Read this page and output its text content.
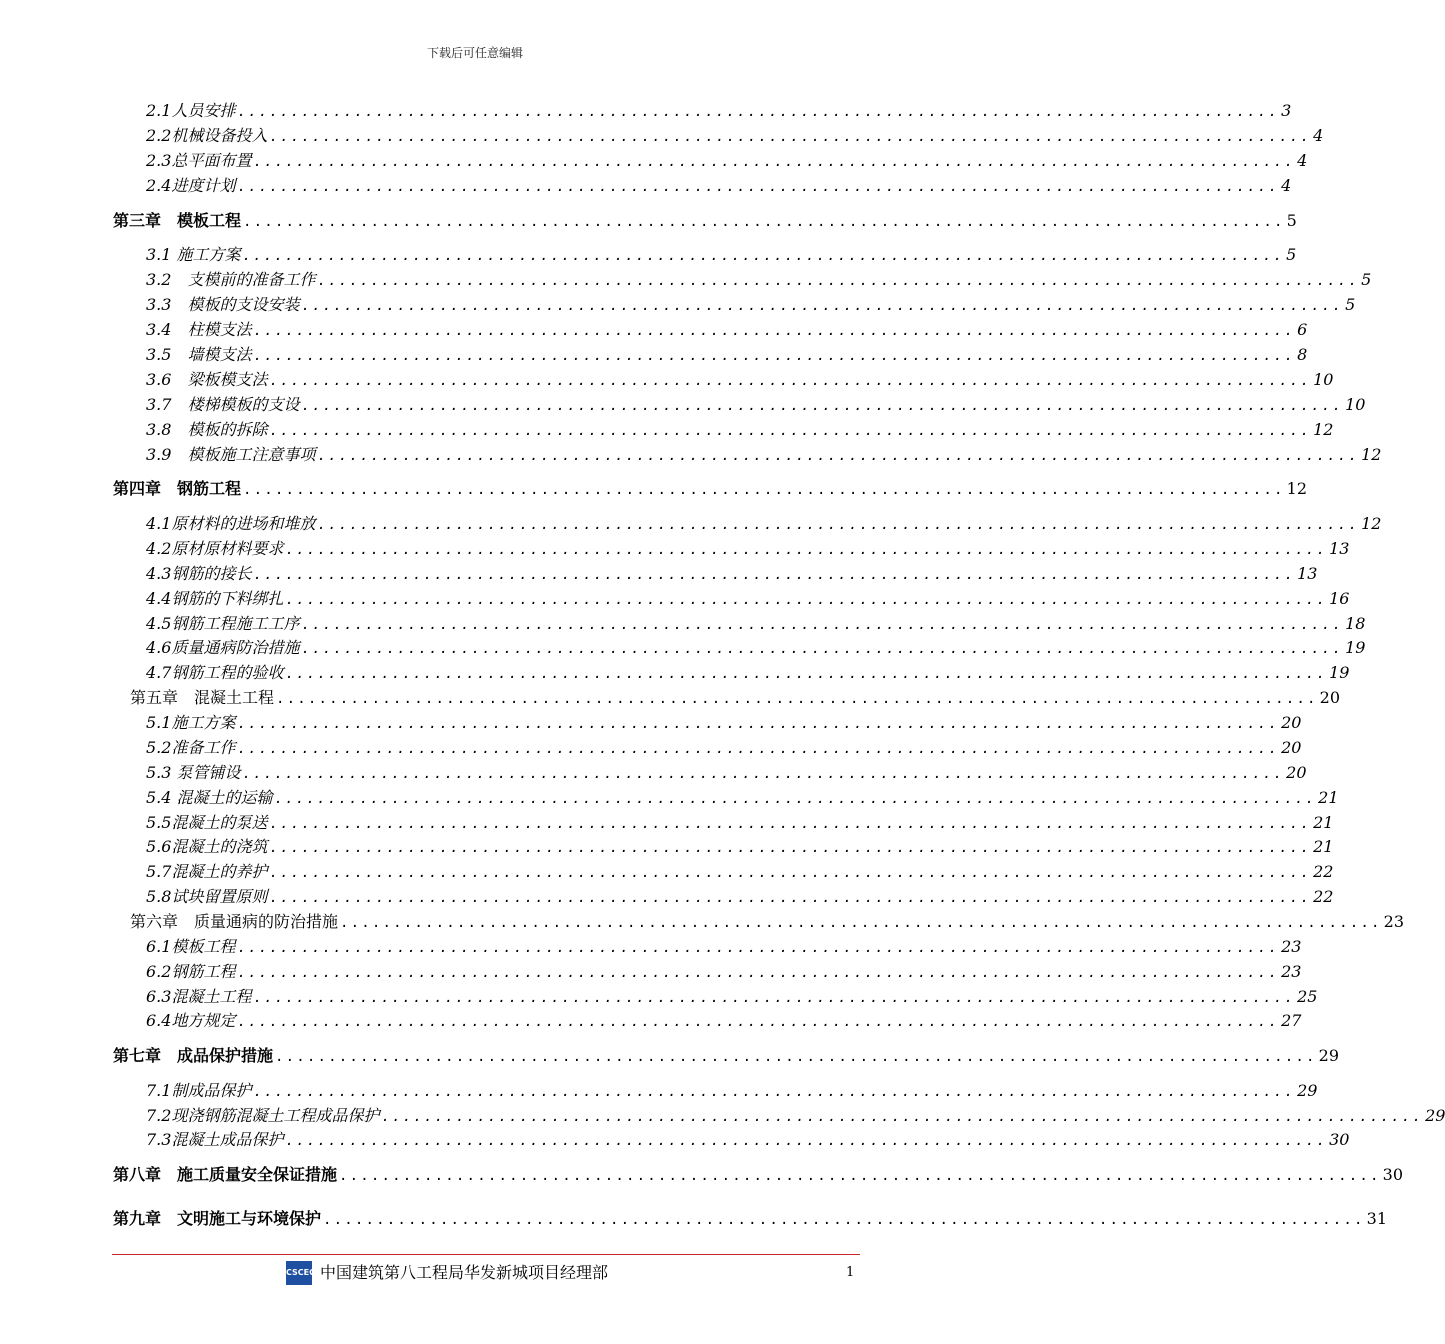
下载后可任意编辑
2.1人员安排 .................................................................................................. 3
2.2机械设备投入 .................................................................................................. 4
2.3总平面布置 .................................................................................................. 4
2.4进度计划 .................................................................................................. 4
第三章　模板工程 .................................................................................................. 5
3.1 施工方案 .................................................................................................. 5
3.2　支模前的准备工作 .................................................................................................. 5
3.3　模板的支设安装 .................................................................................................. 5
3.4　柱模支法 .................................................................................................. 6
3.5　墙模支法 .................................................................................................. 8
3.6　梁板模支法 .................................................................................................. 10
3.7　楼梯模板的支设 .................................................................................................. 10
3.8　模板的拆除 .................................................................................................. 12
3.9　模板施工注意事项 .................................................................................................. 12
第四章　钢筋工程 .................................................................................................. 12
4.1原材料的进场和堆放 .................................................................................................. 12
4.2原材原材料要求 .................................................................................................. 13
4.3钢筋的接长 .................................................................................................. 13
4.4钢筋的下料绑扎 .................................................................................................. 16
4.5钢筋工程施工工序 .................................................................................................. 18
4.6质量通病防治措施 .................................................................................................. 19
4.7钢筋工程的验收 .................................................................................................. 19
第五章　混凝土工程 .................................................................................................. 20
5.1施工方案 .................................................................................................. 20
5.2准备工作 .................................................................................................. 20
5.3 泵管铺设 .................................................................................................. 20
5.4 混凝土的运输 .................................................................................................. 21
5.5混凝土的泵送 .................................................................................................. 21
5.6混凝土的浇筑 .................................................................................................. 21
5.7混凝土的养护 .................................................................................................. 22
5.8试块留置原则 .................................................................................................. 22
第六章　质量通病的防治措施 .................................................................................................. 23
6.1模板工程 .................................................................................................. 23
6.2钢筋工程 .................................................................................................. 23
6.3混凝土工程 .................................................................................................. 25
6.4地方规定 .................................................................................................. 27
第七章　成品保护措施 .................................................................................................. 29
7.1制成品保护 .................................................................................................. 29
7.2现浇钢筋混凝土工程成品保护 .................................................................................................. 29
7.3混凝土成品保护 .................................................................................................. 30
第八章　施工质量安全保证措施 .................................................................................................. 30
第九章　文明施工与环境保护 .................................................................................................. 31
CSCEC 中国建筑第八工程局华发新城项目经理部	1
